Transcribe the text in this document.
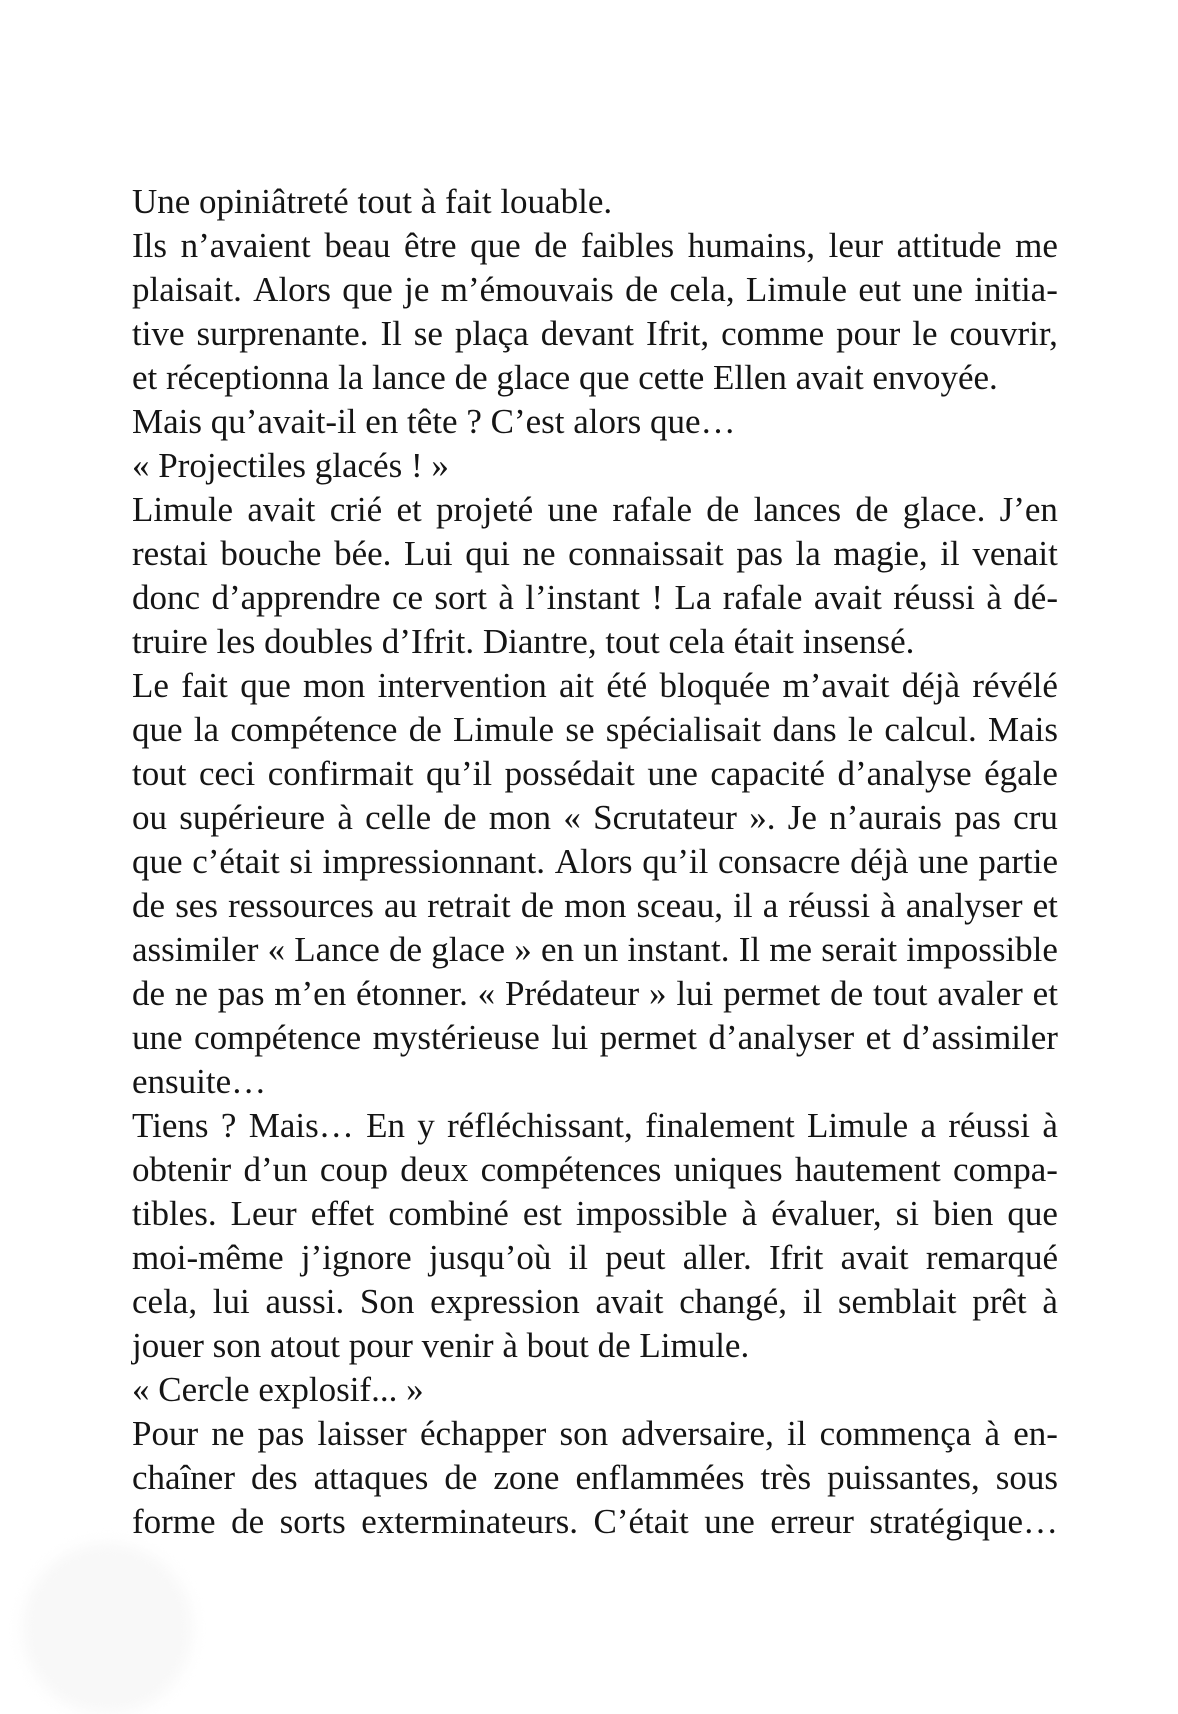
Une opiniâtreté tout à fait louable.
Ils n’avaient beau être que de faibles humains, leur attitude me
plaisait. Alors que je m’émouvais de cela, Limule eut une initia-
tive surprenante. Il se plaça devant Ifrit, comme pour le couvrir,
et réceptionna la lance de glace que cette Ellen avait envoyée.
Mais qu’avait-il en tête ? C’est alors que…
« Projectiles glacés ! »
Limule avait crié et projeté une rafale de lances de glace. J’en
restai bouche bée. Lui qui ne connaissait pas la magie, il venait
donc d’apprendre ce sort à l’instant ! La rafale avait réussi à dé-
truire les doubles d’Ifrit. Diantre, tout cela était insensé.
Le fait que mon intervention ait été bloquée m’avait déjà révélé
que la compétence de Limule se spécialisait dans le calcul. Mais
tout ceci confirmait qu’il possédait une capacité d’analyse égale
ou supérieure à celle de mon « Scrutateur ». Je n’aurais pas cru
que c’était si impressionnant. Alors qu’il consacre déjà une partie
de ses ressources au retrait de mon sceau, il a réussi à analyser et
assimiler « Lance de glace » en un instant. Il me serait impossible
de ne pas m’en étonner. « Prédateur » lui permet de tout avaler et
une compétence mystérieuse lui permet d’analyser et d’assimiler
ensuite…
Tiens ? Mais… En y réfléchissant, finalement Limule a réussi à
obtenir d’un coup deux compétences uniques hautement compa-
tibles. Leur effet combiné est impossible à évaluer, si bien que
moi-même j’ignore jusqu’où il peut aller. Ifrit avait remarqué
cela, lui aussi. Son expression avait changé, il semblait prêt à
jouer son atout pour venir à bout de Limule.
« Cercle explosif... »
Pour ne pas laisser échapper son adversaire, il commença à en-
chaîner des attaques de zone enflammées très puissantes, sous
forme de sorts exterminateurs. C’était une erreur stratégique…
